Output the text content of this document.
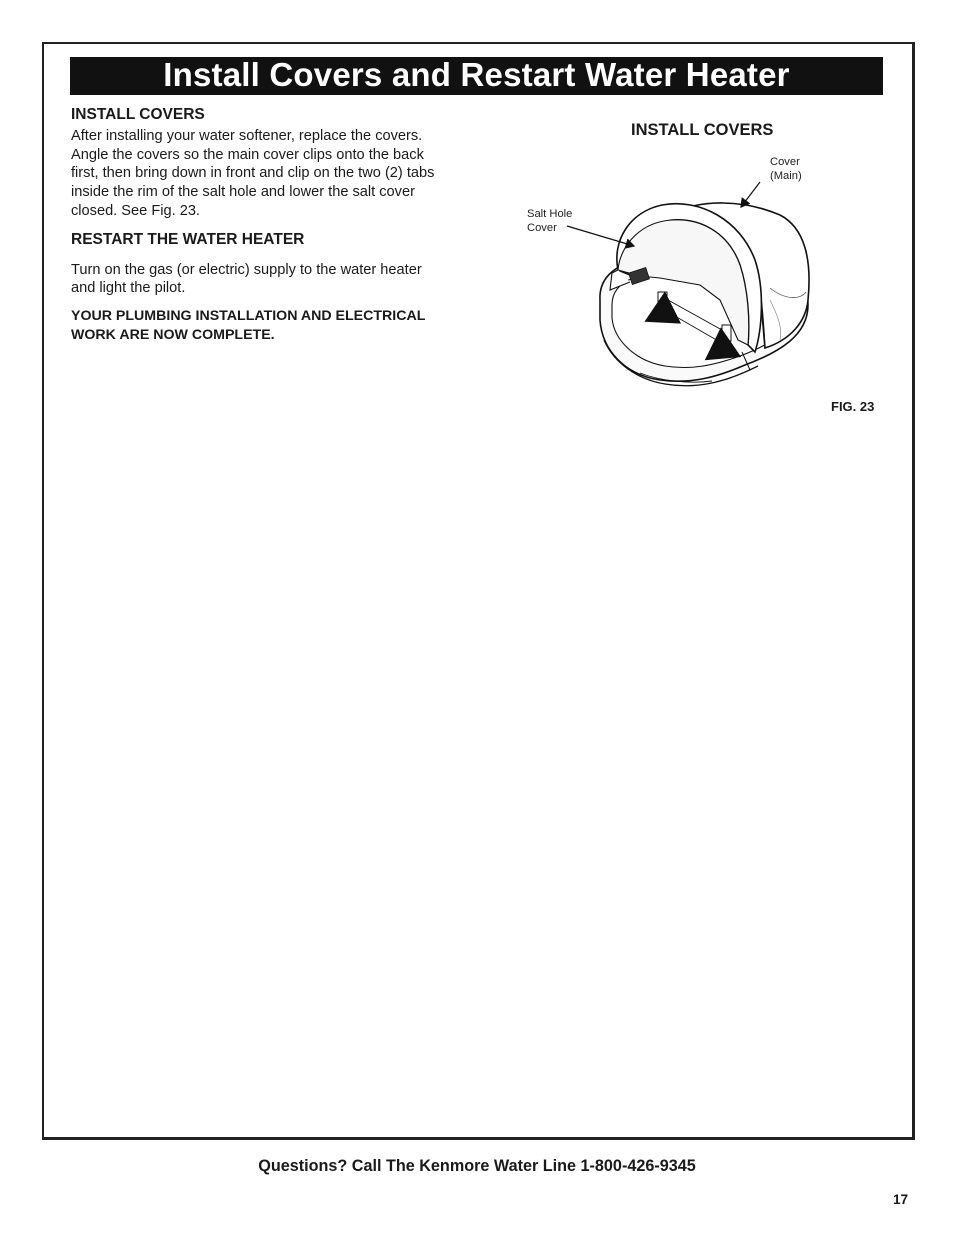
Install Covers and Restart Water Heater

INSTALL COVERS

After installing your water softener, replace the covers.

Angle the covers so the main cover clips onto the back

first, then bring down in front and clip on the two (2) tabs

inside the rim of the salt hole and lower the salt cover

closed. See Fig. 23.

RESTART THE WATER HEATER

Turn on the gas (or electric) supply to the water heater

and light the pilot.

YOUR PLUMBING INSTALLATION AND ELECTRICAL

WORK ARE NOW COMPLETE.

INSTALL COVERS
Cover
(Main)
Salt Hole
Cover
FIG. 23
Questions? Call The Kenmore Water Line 1-800-426-9345
17
